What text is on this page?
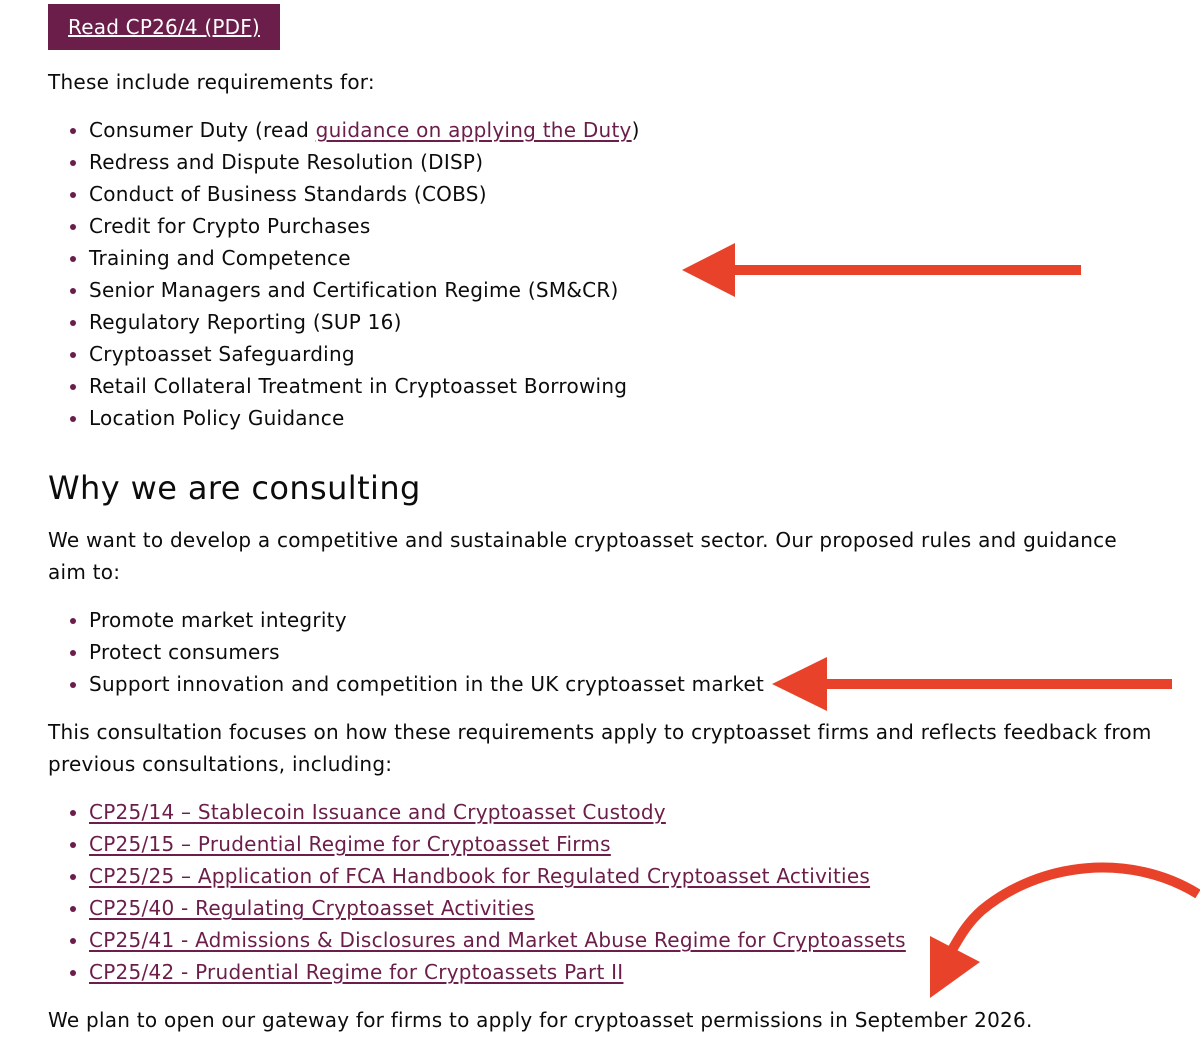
Read CP26/4 (PDF)

These include requirements for:

Consumer Duty (read guidance on applying the Duty)
Redress and Dispute Resolution (DISP)
Conduct of Business Standards (COBS)
Credit for Crypto Purchases
Training and Competence
Senior Managers and Certification Regime (SM&CR)
Regulatory Reporting (SUP 16)
Cryptoasset Safeguarding
Retail Collateral Treatment in Cryptoasset Borrowing
Location Policy Guidance
Why we are consulting

We want to develop a competitive and sustainable cryptoasset sector. Our proposed rules and guidance

aim to:

Promote market integrity
Protect consumers
Support innovation and competition in the UK cryptoasset market

This consultation focuses on how these requirements apply to cryptoasset firms and reflects feedback from

previous consultations, including:

CP25/14 – Stablecoin Issuance and Cryptoasset Custody
CP25/15 – Prudential Regime for Cryptoasset Firms
CP25/25 – Application of FCA Handbook for Regulated Cryptoasset Activities
CP25/40 - Regulating Cryptoasset Activities
CP25/41 - Admissions & Disclosures and Market Abuse Regime for Cryptoassets
CP25/42 - Prudential Regime for Cryptoassets Part II

We plan to open our gateway for firms to apply for cryptoasset permissions in September 2026.
